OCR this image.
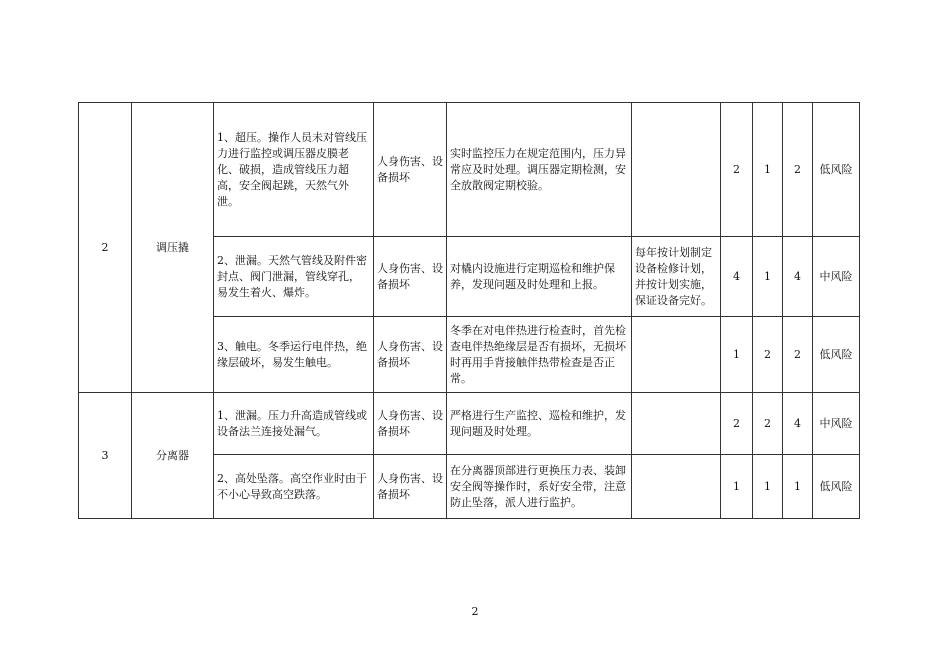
2	调压撬	1、超压。操作人员未对管线压力进行监控或调压器皮膜老化、破损，造成管线压力超高，安全阀起跳，天然气外泄。	人身伤害、设备损坏	实时监控压力在规定范围内，压力异常应及时处理。调压器定期检测，安全放散阀定期校验。		2	1	2	低风险
		2、泄漏。天然气管线及附件密封点、阀门泄漏，管线穿孔，易发生着火、爆炸。	人身伤害、设备损坏	对橇内设施进行定期巡检和维护保养，发现问题及时处理和上报。	每年按计划制定设备检修计划，并按计划实施，保证设备完好。	4	1	4	中风险
		3、触电。冬季运行电伴热，绝缘层破坏，易发生触电。	人身伤害、设备损坏	冬季在对电伴热进行检查时，首先检查电伴热绝缘层是否有损坏，无损坏时再用手背接触伴热带检查是否正常。		1	2	2	低风险
3	分离器	1、泄漏。压力升高造成管线或设备法兰连接处漏气。	人身伤害、设备损坏	严格进行生产监控、巡检和维护，发现问题及时处理。		2	2	4	中风险
		2、高处坠落。高空作业时由于不小心导致高空跌落。	人身伤害、设备损坏	在分离器顶部进行更换压力表、装卸安全阀等操作时，系好安全带，注意防止坠落，派人进行监护。		1	1	1	低风险
2
